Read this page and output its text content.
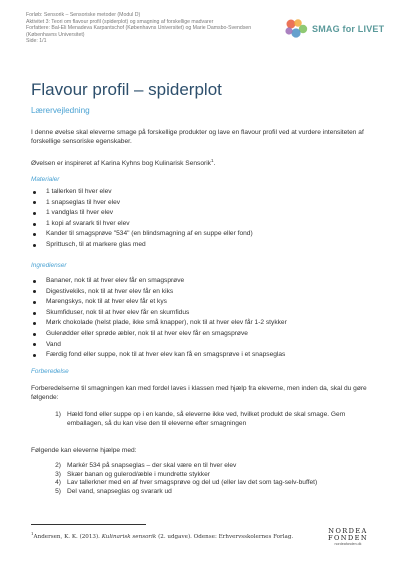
Forløb: Sensorik – Sensoriske metoder (Modul D)
Aktivitet 3: Teori om flavour profil (spiderplot) og smagning af forskellige madvarer
Forfattere: Bal-Eli Menadeva Karpantschof (Københavns Universitet) og Marie Damsbo-Svendsen (Københavns Universitet)
Side: 1/1
SMAG for LIVET
Flavour profil – spiderplot
Lærervejledning

I denne øvelse skal eleverne smage på forskellige produkter og lave en flavour profil ved at vurdere intensiteten af forskellige sensoriske egenskaber.

Øvelsen er inspireret af Karina Kyhns bog Kulinarisk Sensorik$^1$.

Materialer
1 tallerken til hver elev
1 snapseglas til hver elev
1 vandglas til hver elev
1 kopi af svarark til hver elev
Kander til smagsprøve "534" (en blindsmagning af en suppe eller fond)
Sprittusch, til at markere glas med
Ingredienser
Bananer, nok til at hver elev får en smagsprøve
Digestivekiks, nok til at hver elev får en kiks
Marengskys, nok til at hver elev får et kys
Skumfiduser, nok til at hver elev får en skumfidus
Mørk chokolade (helst plade, ikke små knapper), nok til at hver elev får 1-2 stykker
Gulerødder eller sprøde æbler, nok til at hver elev får en smagsprøve
Vand
Færdig fond eller suppe, nok til at hver elev kan få en smagsprøve i et snapseglas
Forberedelse

Forberedelserne til smagningen kan med fordel laves i klassen med hjælp fra eleverne, men inden da, skal du gøre følgende:

1) Hæld fond eller suppe op i en kande, så eleverne ikke ved, hvilket produkt de skal smage. Gem emballagen, så du kan vise den til eleverne efter smagningen

Følgende kan eleverne hjælpe med:

2) Markér 534 på snapseglas – der skal være en til hver elev
3) Skær banan og gulerod/æble i mundrette stykker
4) Lav tallerkner med en af hver smagsprøve og del ud (eller lav det som tag-selv-buffet)
5) Del vand, snapseglas og svarark ud
$^1$Andersen, K. K. (2013). Kulinarisk sensorik (2. udgave). Odense: Erhvervsskolernes Forlag.
NORDEA
FONDEN
nordeafonden.dk
